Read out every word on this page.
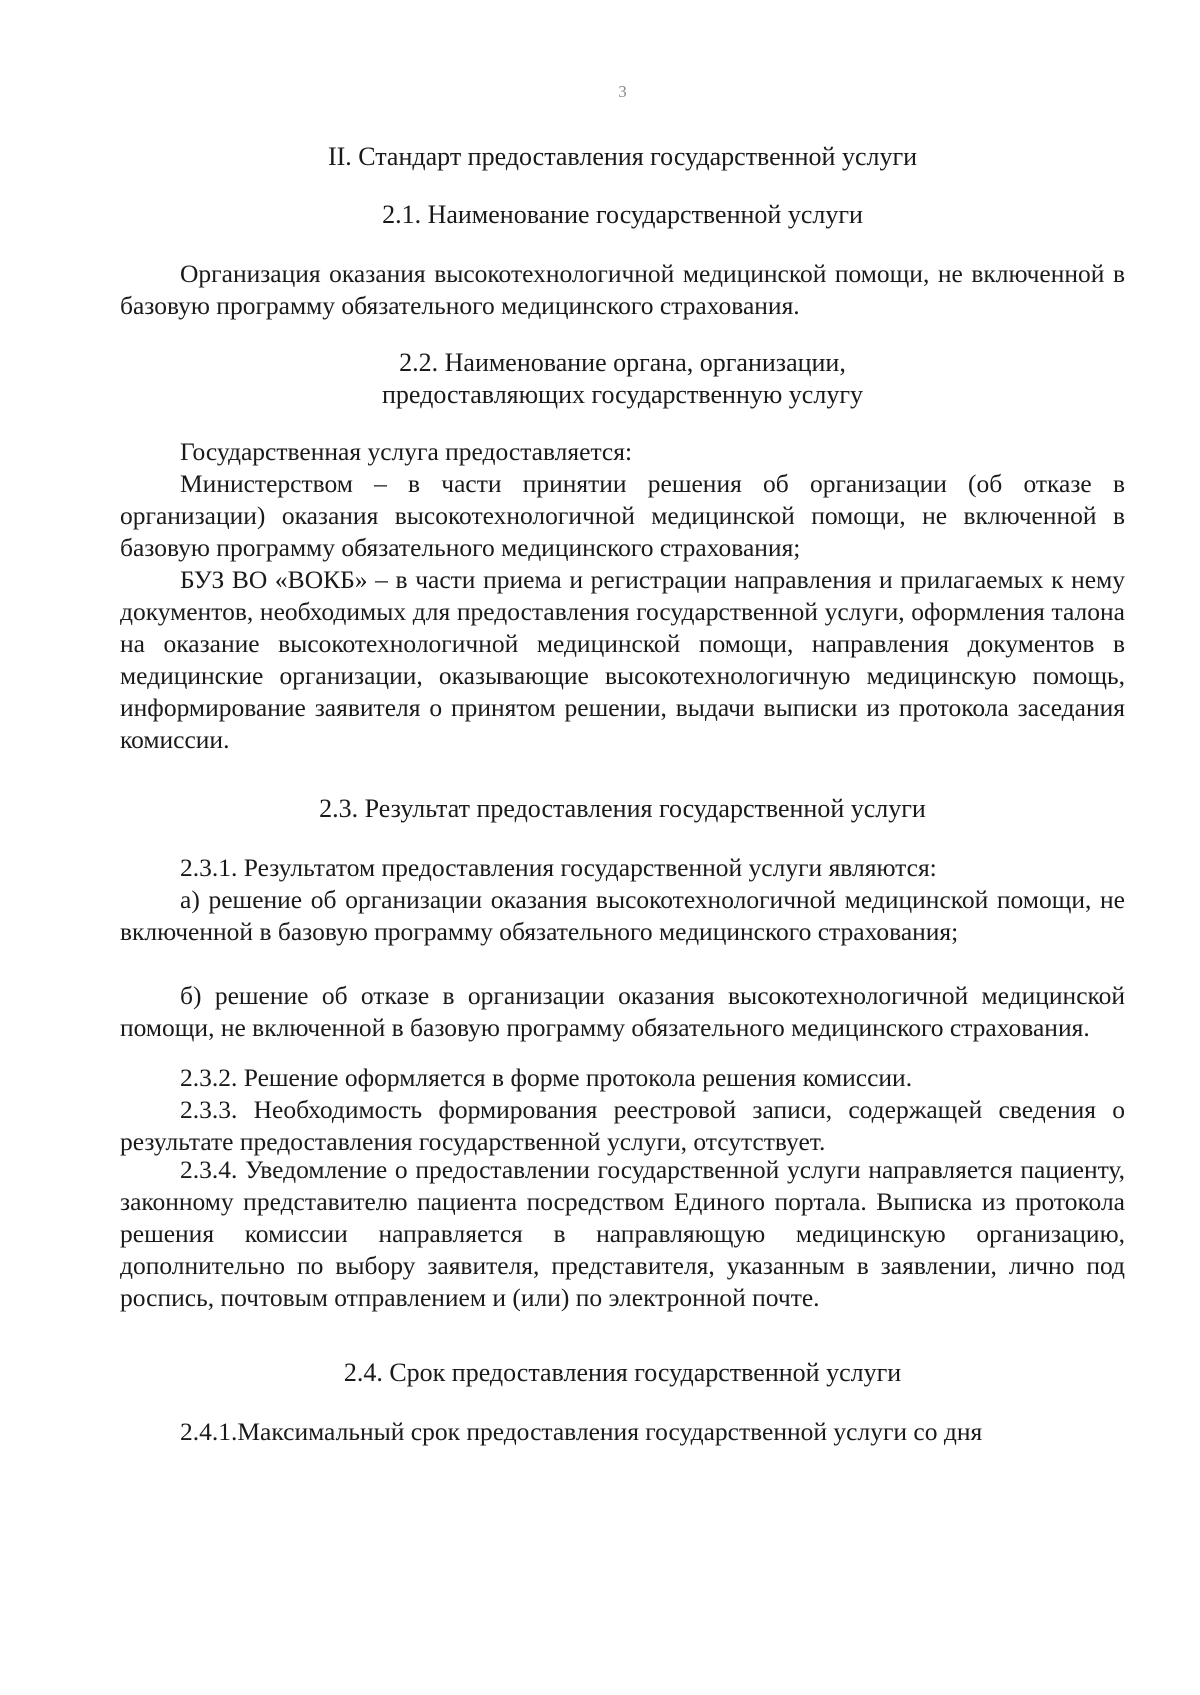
3
II. Стандарт предоставления государственной услуги
2.1. Наименование государственной услуги

Организация оказания высокотехнологичной медицинской помощи, не включенной в базовую программу обязательного медицинского страхования.

2.2. Наименование органа, организации,
предоставляющих государственную услугу

Государственная услуга предоставляется:

Министерством – в части принятии решения об организации (об отказе в организации) оказания высокотехнологичной медицинской помощи, не включенной в базовую программу обязательного медицинского страхования;

БУЗ ВО «ВОКБ» – в части приема и регистрации направления и прилагаемых к нему документов, необходимых для предоставления государственной услуги, оформления талона на оказание высокотехнологичной медицинской помощи, направления документов в медицинские организации, оказывающие высокотехнологичную медицинскую помощь, информирование заявителя о принятом решении, выдачи выписки из протокола заседания комиссии.

2.3. Результат предоставления государственной услуги

2.3.1. Результатом предоставления государственной услуги являются:

а) решение об организации оказания высокотехнологичной медицинской помощи, не включенной в базовую программу обязательного медицинского страхования;

б) решение об отказе в организации оказания высокотехнологичной медицинской помощи, не включенной в базовую программу обязательного медицинского страхования.

2.3.2. Решение оформляется в форме протокола решения комиссии.

2.3.3. Необходимость формирования реестровой записи, содержащей сведения о результате предоставления государственной услуги, отсутствует.

2.3.4. Уведомление о предоставлении государственной услуги направляется пациенту, законному представителю пациента посредством Единого портала. Выписка из протокола решения комиссии направляется в направляющую медицинскую организацию, дополнительно по выбору заявителя, представителя, указанным в заявлении, лично под роспись, почтовым отправлением и (или) по электронной почте.

2.4. Срок предоставления государственной услуги

2.4.1.Максимальный срок предоставления государственной услуги со дня
